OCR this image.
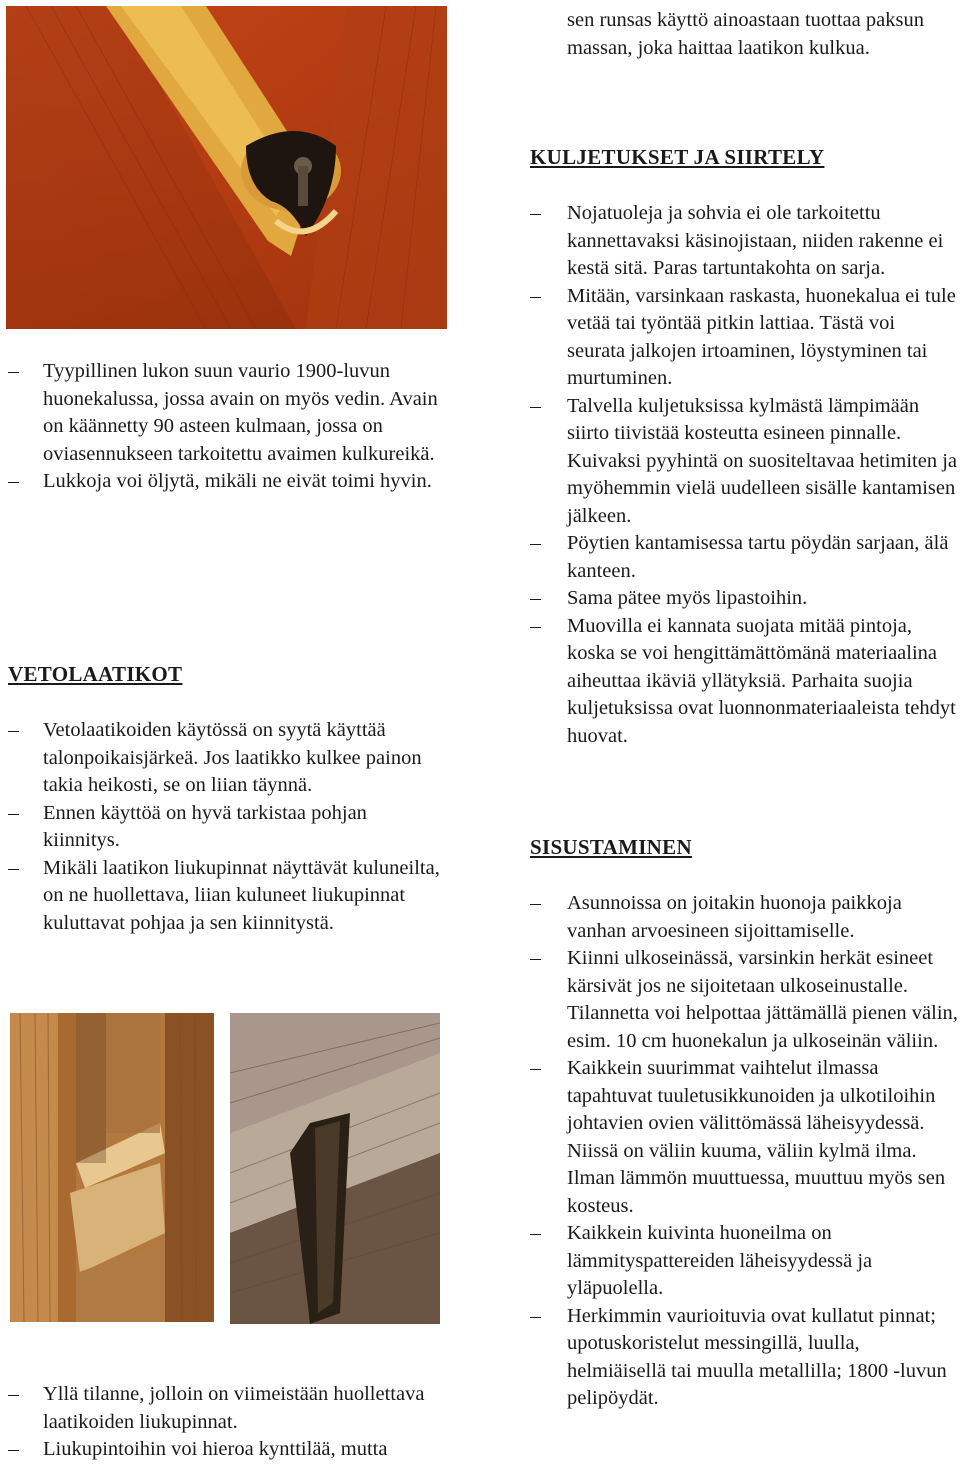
Tyypillinen lukon suun vaurio 1900-luvun huonekalussa, jossa avain on myös vedin. Avain on käännetty 90 asteen kulmaan, jossa on oviasennukseen tarkoitettu avaimen kulkureikä.
Lukkoja voi öljytä, mikäli ne eivät toimi hyvin.
VETOLAATIKOT
Vetolaatikoiden käytössä on syytä käyttää talonpoikaisjärkeä. Jos laatikko kulkee painon takia heikosti, se on liian täynnä.
Ennen käyttöä on hyvä tarkistaa pohjan kiinnitys.
Mikäli laatikon liukupinnat näyttävät kuluneilta, on ne huollettava, liian kuluneet liukupinnat kuluttavat pohjaa ja sen kiinnitystä.
Yllä tilanne, jolloin on viimeistään huollettava laatikoiden liukupinnat.
Liukupintoihin voi hieroa kynttilää, mutta

sen runsas käyttö ainoastaan tuottaa paksun massan, joka haittaa laatikon kulkua.

KULJETUKSET JA SIIRTELY
Nojatuoleja ja sohvia ei ole tarkoitettu kannettavaksi käsinojistaan, niiden rakenne ei kestä sitä. Paras tartuntakohta on sarja.
Mitään, varsinkaan raskasta, huonekalua ei tule vetää tai työntää pitkin lattiaa. Tästä voi seurata jalkojen irtoaminen, löystyminen tai murtuminen.
Talvella kuljetuksissa kylmästä lämpimään siirto tiivistää kosteutta esineen pinnalle. Kuivaksi pyyhintä on suositeltavaa hetimiten ja myöhemmin vielä uudelleen sisälle kantamisen jälkeen.
Pöytien kantamisessa tartu pöydän sarjaan, älä kanteen.
Sama pätee myös lipastoihin.
Muovilla ei kannata suojata mitää pintoja, koska se voi hengittämättömänä materiaalina aiheuttaa ikäviä yllätyksiä. Parhaita suojia kuljetuksissa ovat luonnonmateriaaleista tehdyt huovat.
SISUSTAMINEN
Asunnoissa on joitakin huonoja paikkoja vanhan arvoesineen sijoittamiselle.
Kiinni ulkoseinässä, varsinkin herkät esineet kärsivät jos ne sijoitetaan ulkoseinustalle. Tilannetta voi helpottaa jättämällä pienen välin, esim. 10 cm huonekalun ja ulkoseinän väliin.
Kaikkein suurimmat vaihtelut ilmassa tapahtuvat tuuletusikkunoiden ja ulkotiloihin johtavien ovien välittömässä läheisyydessä. Niissä on väliin kuuma, väliin kylmä ilma. Ilman lämmön muuttuessa, muuttuu myös sen kosteus.
Kaikkein kuivinta huoneilma on lämmityspattereiden läheisyydessä ja yläpuolella.
Herkimmin vaurioituvia ovat kullatut pinnat; upotuskoristelut messingillä, luulla, helmiäisellä tai muulla metallilla; 1800 -luvun pelipöydät.
